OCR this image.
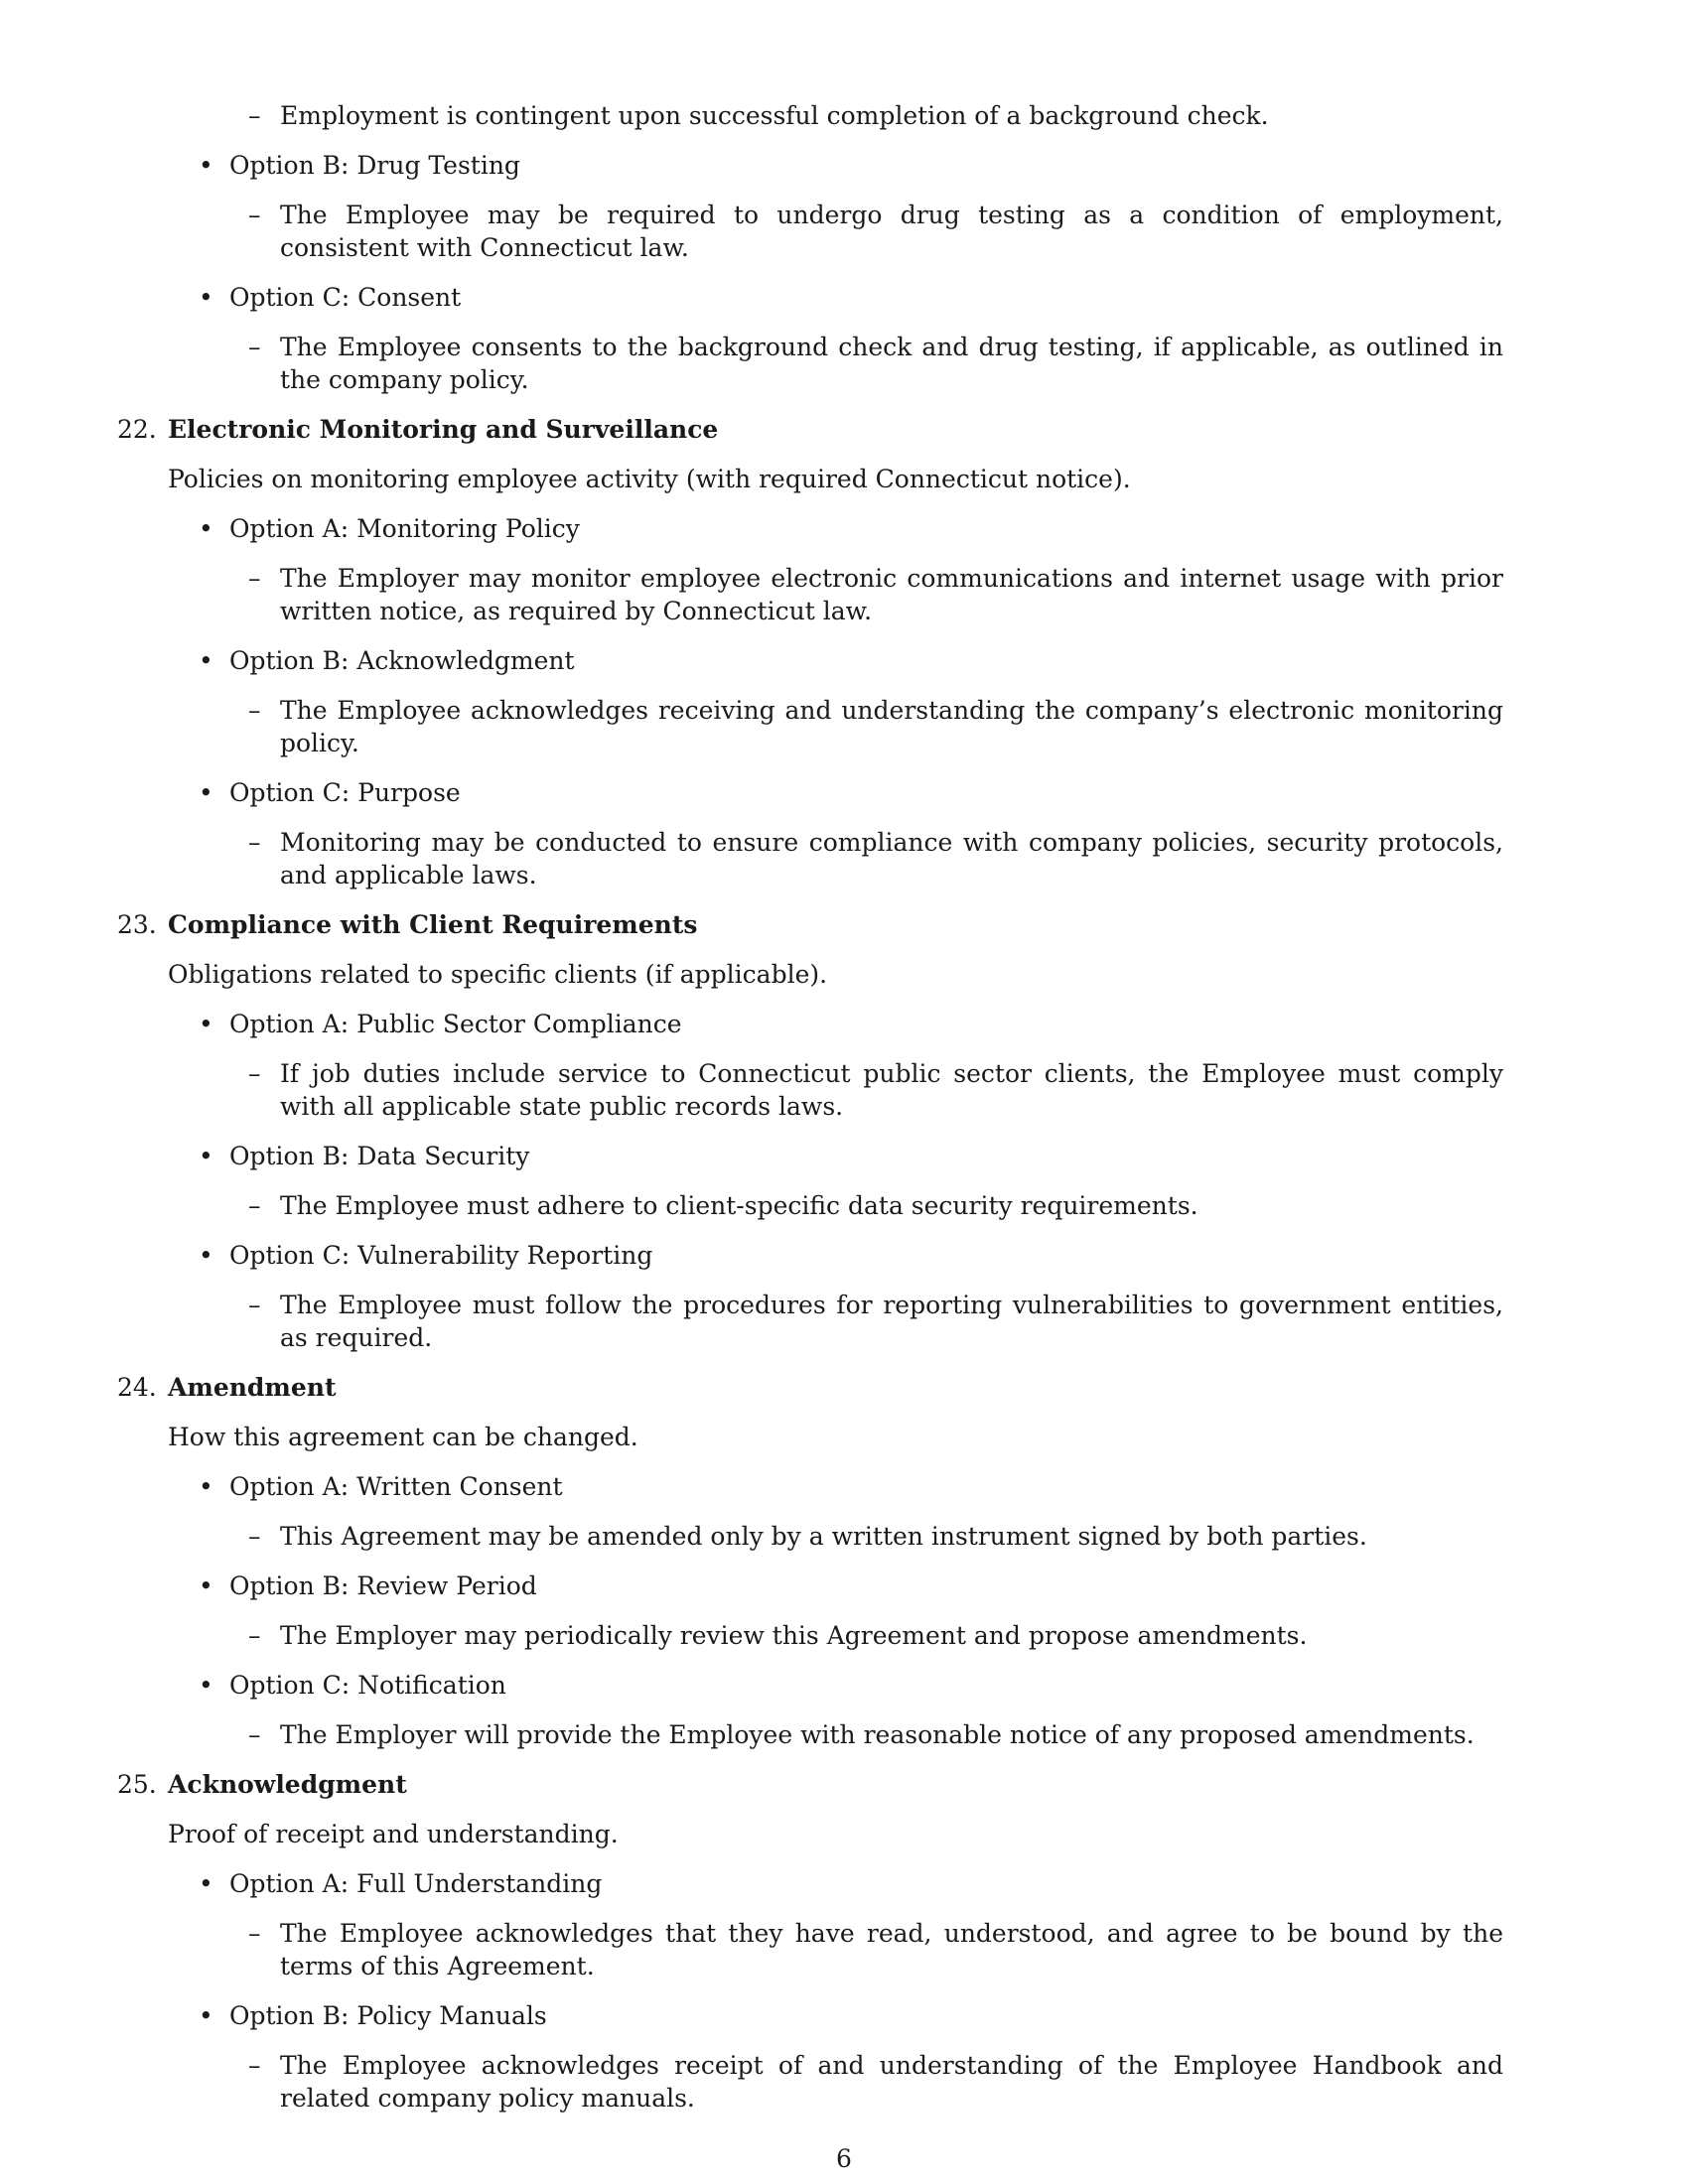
– Employment is contingent upon successful completion of a background check.
• Option B: Drug Testing
– The Employee may be required to undergo drug testing as a condition of employment, consistent with Connecticut law.
• Option C: Consent
– The Employee consents to the background check and drug testing, if applicable, as outlined in the company policy.
22. Electronic Monitoring and Surveillance
Policies on monitoring employee activity (with required Connecticut notice).
• Option A: Monitoring Policy
– The Employer may monitor employee electronic communications and internet usage with prior written notice, as required by Connecticut law.
• Option B: Acknowledgment
– The Employee acknowledges receiving and understanding the company’s electronic monitoring policy.
• Option C: Purpose
– Monitoring may be conducted to ensure compliance with company policies, security protocols, and applicable laws.
23. Compliance with Client Requirements
Obligations related to specific clients (if applicable).
• Option A: Public Sector Compliance
– If job duties include service to Connecticut public sector clients, the Employee must comply with all applicable state public records laws.
• Option B: Data Security
– The Employee must adhere to client-specific data security requirements.
• Option C: Vulnerability Reporting
– The Employee must follow the procedures for reporting vulnerabilities to government entities, as required.
24. Amendment
How this agreement can be changed.
• Option A: Written Consent
– This Agreement may be amended only by a written instrument signed by both parties.
• Option B: Review Period
– The Employer may periodically review this Agreement and propose amendments.
• Option C: Notification
– The Employer will provide the Employee with reasonable notice of any proposed amendments.
25. Acknowledgment
Proof of receipt and understanding.
• Option A: Full Understanding
– The Employee acknowledges that they have read, understood, and agree to be bound by the terms of this Agreement.
• Option B: Policy Manuals
– The Employee acknowledges receipt of and understanding of the Employee Handbook and related company policy manuals.
6
